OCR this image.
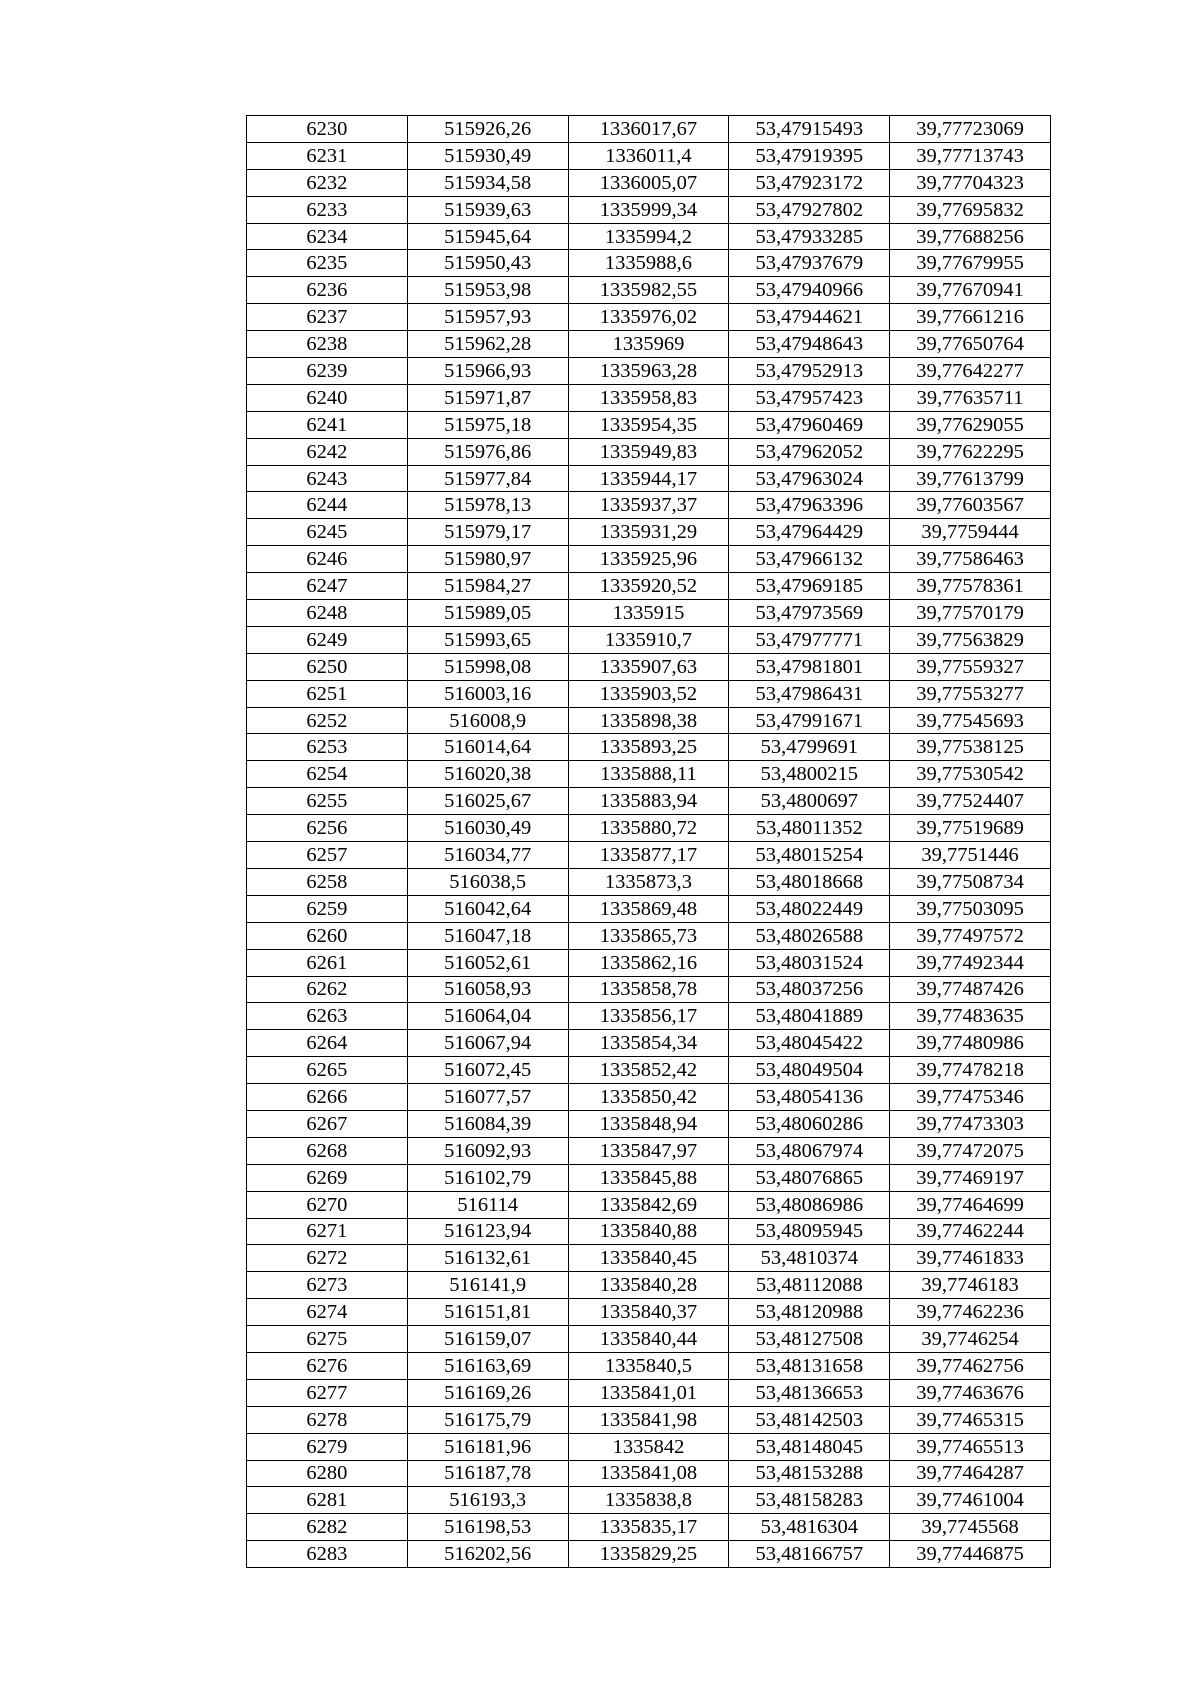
6230	515926,26	1336017,67	53,47915493	39,77723069
6231	515930,49	1336011,4	53,47919395	39,77713743
6232	515934,58	1336005,07	53,47923172	39,77704323
6233	515939,63	1335999,34	53,47927802	39,77695832
6234	515945,64	1335994,2	53,47933285	39,77688256
6235	515950,43	1335988,6	53,47937679	39,77679955
6236	515953,98	1335982,55	53,47940966	39,77670941
6237	515957,93	1335976,02	53,47944621	39,77661216
6238	515962,28	1335969	53,47948643	39,77650764
6239	515966,93	1335963,28	53,47952913	39,77642277
6240	515971,87	1335958,83	53,47957423	39,77635711
6241	515975,18	1335954,35	53,47960469	39,77629055
6242	515976,86	1335949,83	53,47962052	39,77622295
6243	515977,84	1335944,17	53,47963024	39,77613799
6244	515978,13	1335937,37	53,47963396	39,77603567
6245	515979,17	1335931,29	53,47964429	39,7759444
6246	515980,97	1335925,96	53,47966132	39,77586463
6247	515984,27	1335920,52	53,47969185	39,77578361
6248	515989,05	1335915	53,47973569	39,77570179
6249	515993,65	1335910,7	53,47977771	39,77563829
6250	515998,08	1335907,63	53,47981801	39,77559327
6251	516003,16	1335903,52	53,47986431	39,77553277
6252	516008,9	1335898,38	53,47991671	39,77545693
6253	516014,64	1335893,25	53,4799691	39,77538125
6254	516020,38	1335888,11	53,4800215	39,77530542
6255	516025,67	1335883,94	53,4800697	39,77524407
6256	516030,49	1335880,72	53,48011352	39,77519689
6257	516034,77	1335877,17	53,48015254	39,7751446
6258	516038,5	1335873,3	53,48018668	39,77508734
6259	516042,64	1335869,48	53,48022449	39,77503095
6260	516047,18	1335865,73	53,48026588	39,77497572
6261	516052,61	1335862,16	53,48031524	39,77492344
6262	516058,93	1335858,78	53,48037256	39,77487426
6263	516064,04	1335856,17	53,48041889	39,77483635
6264	516067,94	1335854,34	53,48045422	39,77480986
6265	516072,45	1335852,42	53,48049504	39,77478218
6266	516077,57	1335850,42	53,48054136	39,77475346
6267	516084,39	1335848,94	53,48060286	39,77473303
6268	516092,93	1335847,97	53,48067974	39,77472075
6269	516102,79	1335845,88	53,48076865	39,77469197
6270	516114	1335842,69	53,48086986	39,77464699
6271	516123,94	1335840,88	53,48095945	39,77462244
6272	516132,61	1335840,45	53,4810374	39,77461833
6273	516141,9	1335840,28	53,48112088	39,7746183
6274	516151,81	1335840,37	53,48120988	39,77462236
6275	516159,07	1335840,44	53,48127508	39,7746254
6276	516163,69	1335840,5	53,48131658	39,77462756
6277	516169,26	1335841,01	53,48136653	39,77463676
6278	516175,79	1335841,98	53,48142503	39,77465315
6279	516181,96	1335842	53,48148045	39,77465513
6280	516187,78	1335841,08	53,48153288	39,77464287
6281	516193,3	1335838,8	53,48158283	39,77461004
6282	516198,53	1335835,17	53,4816304	39,7745568
6283	516202,56	1335829,25	53,48166757	39,77446875
